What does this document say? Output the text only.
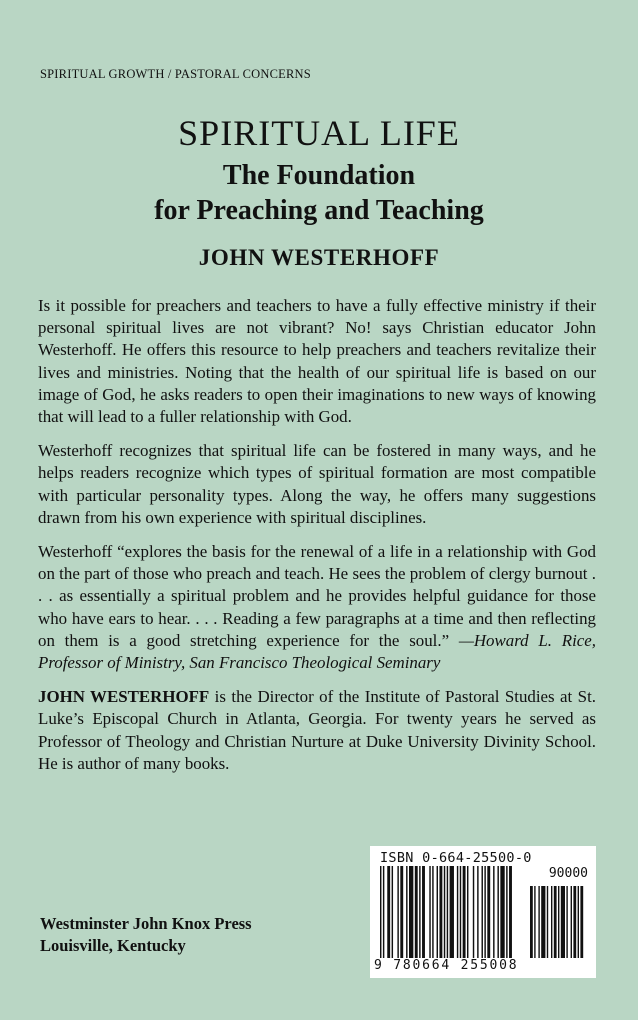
SPIRITUAL GROWTH / PASTORAL CONCERNS
SPIRITUAL LIFE
The Foundation
for Preaching and Teaching
JOHN WESTERHOFF

Is it possible for preachers and teachers to have a fully effective ministry if their personal spiritual lives are not vibrant? No! says Christian educator John Westerhoff. He offers this resource to help preachers and teachers revitalize their lives and ministries. Noting that the health of our spiritual life is based on our image of God, he asks readers to open their imaginations to new ways of knowing that will lead to a fuller relationship with God.

Westerhoff recognizes that spiritual life can be fostered in many ways, and he helps readers recognize which types of spiritual formation are most compatible with particular personality types. Along the way, he offers many suggestions drawn from his own experience with spiritual disciplines.

Westerhoff “explores the basis for the renewal of a life in a relationship with God on the part of those who preach and teach. He sees the problem of clergy burnout . . . as essentially a spiritual problem and he provides helpful guidance for those who have ears to hear. . . . Reading a few paragraphs at a time and then reflecting on them is a good stretching experience for the soul.” —Howard L. Rice, Professor of Ministry, San Francisco Theological Seminary

JOHN WESTERHOFF is the Director of the Institute of Pastoral Studies at St. Luke’s Episcopal Church in Atlanta, Georgia. For twenty years he served as Professor of Theology and Christian Nurture at Duke University Divinity School. He is author of many books.

Westminster John Knox Press
Louisville, Kentucky
ISBN 0-664-25500-0
90000
9 780664 255008
